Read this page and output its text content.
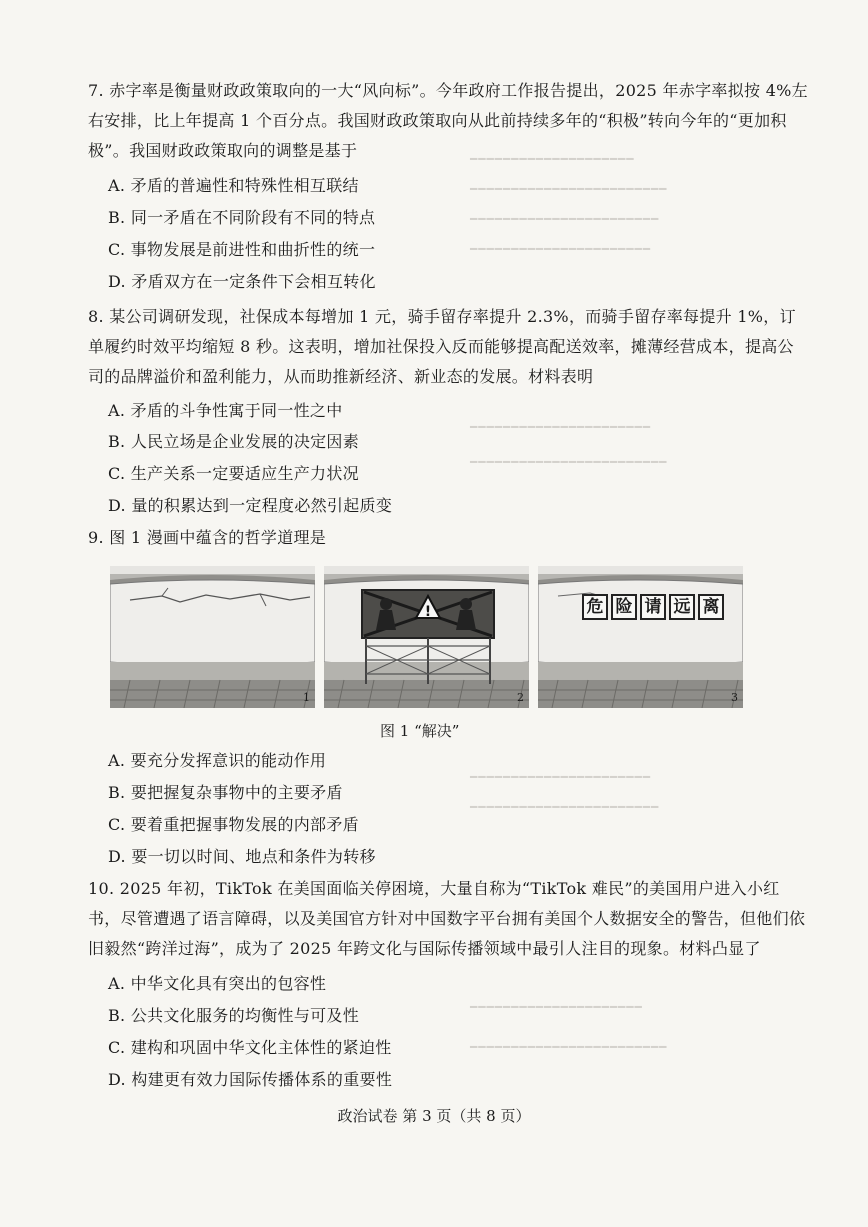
━━━━━━━━━━━━━━━━━━━━
━━━━━━━━━━━━━━━━━━━━━━━━
━━━━━━━━━━━━━━━━━━━━━━━
━━━━━━━━━━━━━━━━━━━━━━
━━━━━━━━━━━━━━━━━━━━━━
━━━━━━━━━━━━━━━━━━━━━━━━
━━━━━━━━━━━━━━━━━━━━━━
━━━━━━━━━━━━━━━━━━━━━━━
━━━━━━━━━━━━━━━━━━━━━
━━━━━━━━━━━━━━━━━━━━━━━━
7. 赤字率是衡量财政政策取向的一大“风向标”。今年政府工作报告提出，2025 年赤字率拟按 4%左右安排，比上年提高 1 个百分点。我国财政政策取向从此前持续多年的“积极”转向今年的“更加积极”。我国财政政策取向的调整是基于
A. 矛盾的普遍性和特殊性相互联结
B. 同一矛盾在不同阶段有不同的特点
C. 事物发展是前进性和曲折性的统一
D. 矛盾双方在一定条件下会相互转化
8. 某公司调研发现，社保成本每增加 1 元，骑手留存率提升 2.3%，而骑手留存率每提升 1%，订单履约时效平均缩短 8 秒。这表明，增加社保投入反而能够提高配送效率，摊薄经营成本，提高公司的品牌溢价和盈利能力，从而助推新经济、新业态的发展。材料表明
A. 矛盾的斗争性寓于同一性之中
B. 人民立场是企业发展的决定因素
C. 生产关系一定要适应生产力状况
D. 量的积累达到一定程度必然引起质变
9. 图 1 漫画中蕴含的哲学道理是
1
!
2
危 险 请 远 离
3
图 1 “解决”
A. 要充分发挥意识的能动作用
B. 要把握复杂事物中的主要矛盾
C. 要着重把握事物发展的内部矛盾
D. 要一切以时间、地点和条件为转移
10. 2025 年初，TikTok 在美国面临关停困境，大量自称为“TikTok 难民”的美国用户进入小红书，尽管遭遇了语言障碍，以及美国官方针对中国数字平台拥有美国个人数据安全的警告，但他们依旧毅然“跨洋过海”，成为了 2025 年跨文化与国际传播领域中最引人注目的现象。材料凸显了
A. 中华文化具有突出的包容性
B. 公共文化服务的均衡性与可及性
C. 建构和巩固中华文化主体性的紧迫性
D. 构建更有效力国际传播体系的重要性
政治试卷 第 3 页（共 8 页）
